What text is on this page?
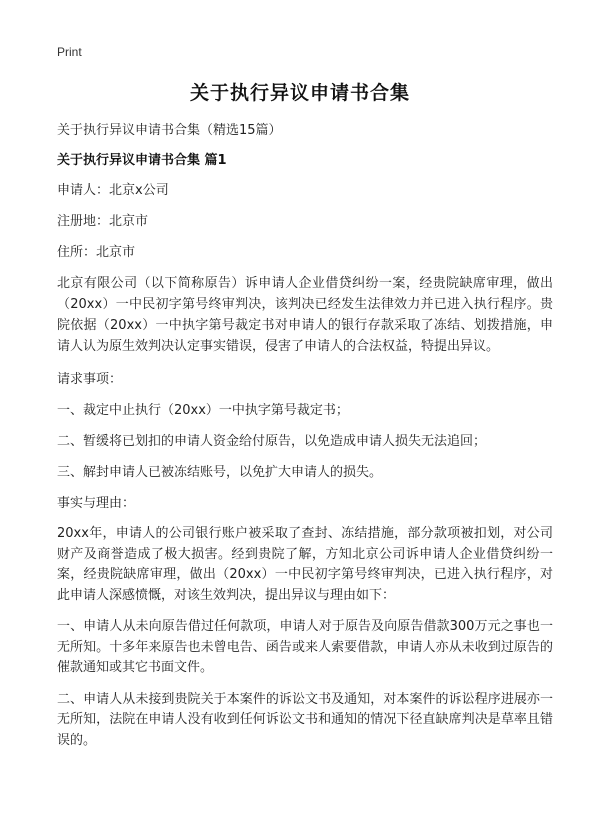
Print
关于执行异议申请书合集

关于执行异议申请书合集（精选15篇）

关于执行异议申请书合集 篇1

申请人：北京x公司

注册地：北京市

住所：北京市

北京有限公司（以下简称原告）诉申请人企业借贷纠纷一案，经贵院缺席审理，做出（20xx）一中民初字第号终审判决，该判决已经发生法律效力并已进入执行程序。贵院依据（20xx）一中执字第号裁定书对申请人的银行存款采取了冻结、划拨措施，申请人认为原生效判决认定事实错误，侵害了申请人的合法权益，特提出异议。

请求事项：

一、裁定中止执行（20xx）一中执字第号裁定书；

二、暂缓将已划扣的申请人资金给付原告，以免造成申请人损失无法追回；

三、解封申请人已被冻结账号，以免扩大申请人的损失。

事实与理由：

20xx年，申请人的公司银行账户被采取了查封、冻结措施，部分款项被扣划，对公司财产及商誉造成了极大损害。经到贵院了解，方知北京公司诉申请人企业借贷纠纷一案，经贵院缺席审理，做出（20xx）一中民初字第号终审判决，已进入执行程序，对此申请人深感愤慨，对该生效判决，提出异议与理由如下：

一、申请人从未向原告借过任何款项，申请人对于原告及向原告借款300万元之事也一无所知。十多年来原告也未曾电告、函告或来人索要借款，申请人亦从未收到过原告的催款通知或其它书面文件。

二、申请人从未接到贵院关于本案件的诉讼文书及通知，对本案件的诉讼程序进展亦一无所知，法院在申请人没有收到任何诉讼文书和通知的情况下径直缺席判决是草率且错误的。
